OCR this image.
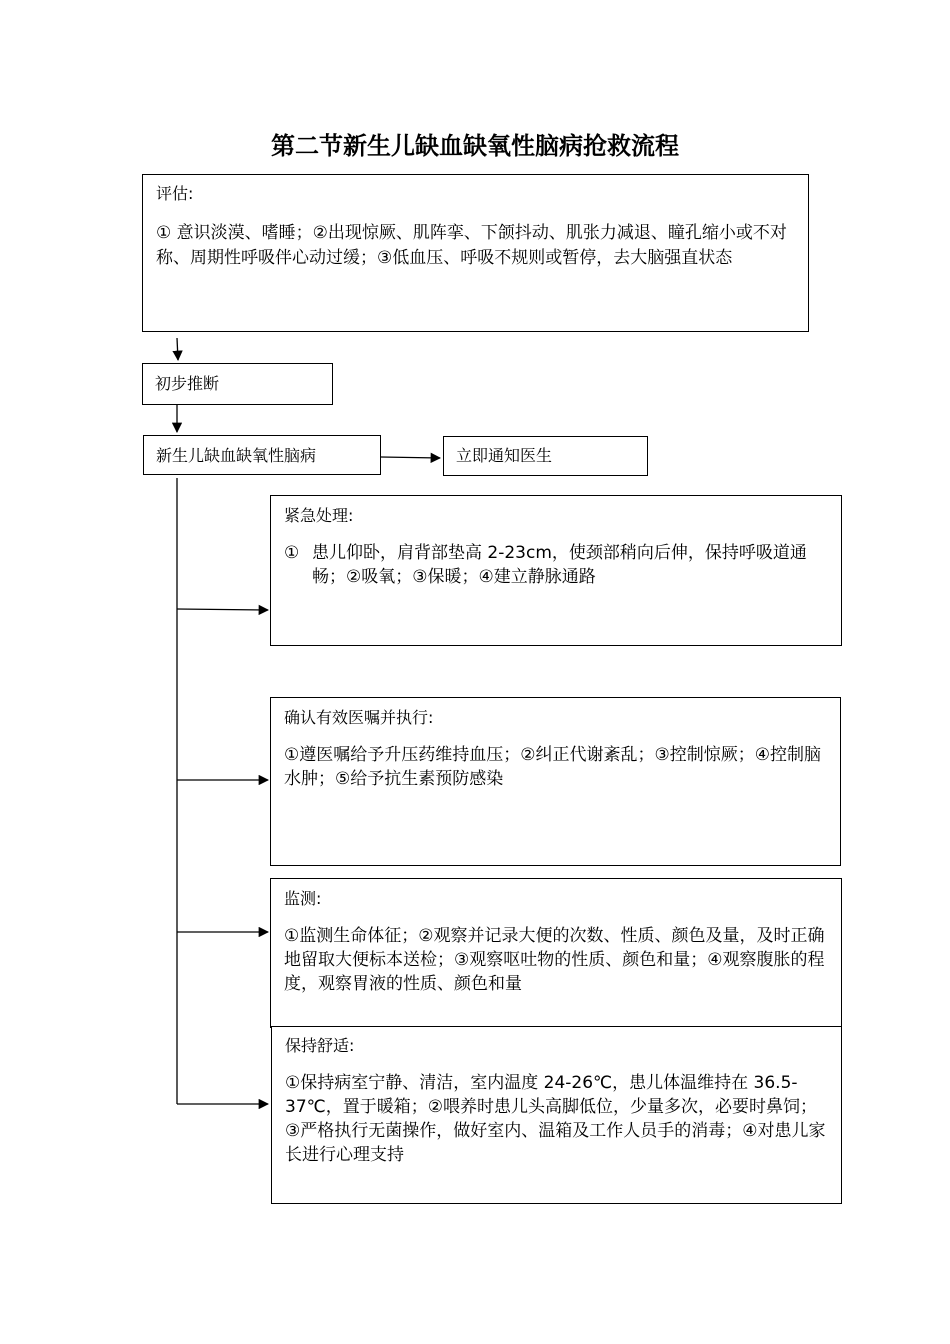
第二节新生儿缺血缺氧性脑病抢救流程
评估:
① 意识淡漠、嗜睡；②出现惊厥、肌阵挛、下颌抖动、肌张力减退、瞳孔缩小或不对称、周期性呼吸伴心动过缓；③低血压、呼吸不规则或暂停，去大脑强直状态
初步推断
新生儿缺血缺氧性脑病	立即通知医生
紧急处理:
① 患儿仰卧，肩背部垫高 2-23cm，使颈部稍向后伸，保持呼吸道通畅；②吸氧；③保暖；④建立静脉通路
确认有效医嘱并执行:
①遵医嘱给予升压药维持血压；②纠正代谢紊乱；③控制惊厥；④控制脑水肿；⑤给予抗生素预防感染
监测:
①监测生命体征；②观察并记录大便的次数、性质、颜色及量，及时正确地留取大便标本送检；③观察呕吐物的性质、颜色和量；④观察腹胀的程度，观察胃液的性质、颜色和量
保持舒适:
①保持病室宁静、清洁，室内温度 24-26℃，患儿体温维持在 36.5-37℃，置于暖箱；②喂养时患儿头高脚低位，少量多次，必要时鼻饲；③严格执行无菌操作，做好室内、温箱及工作人员手的消毒；④对患儿家长进行心理支持
